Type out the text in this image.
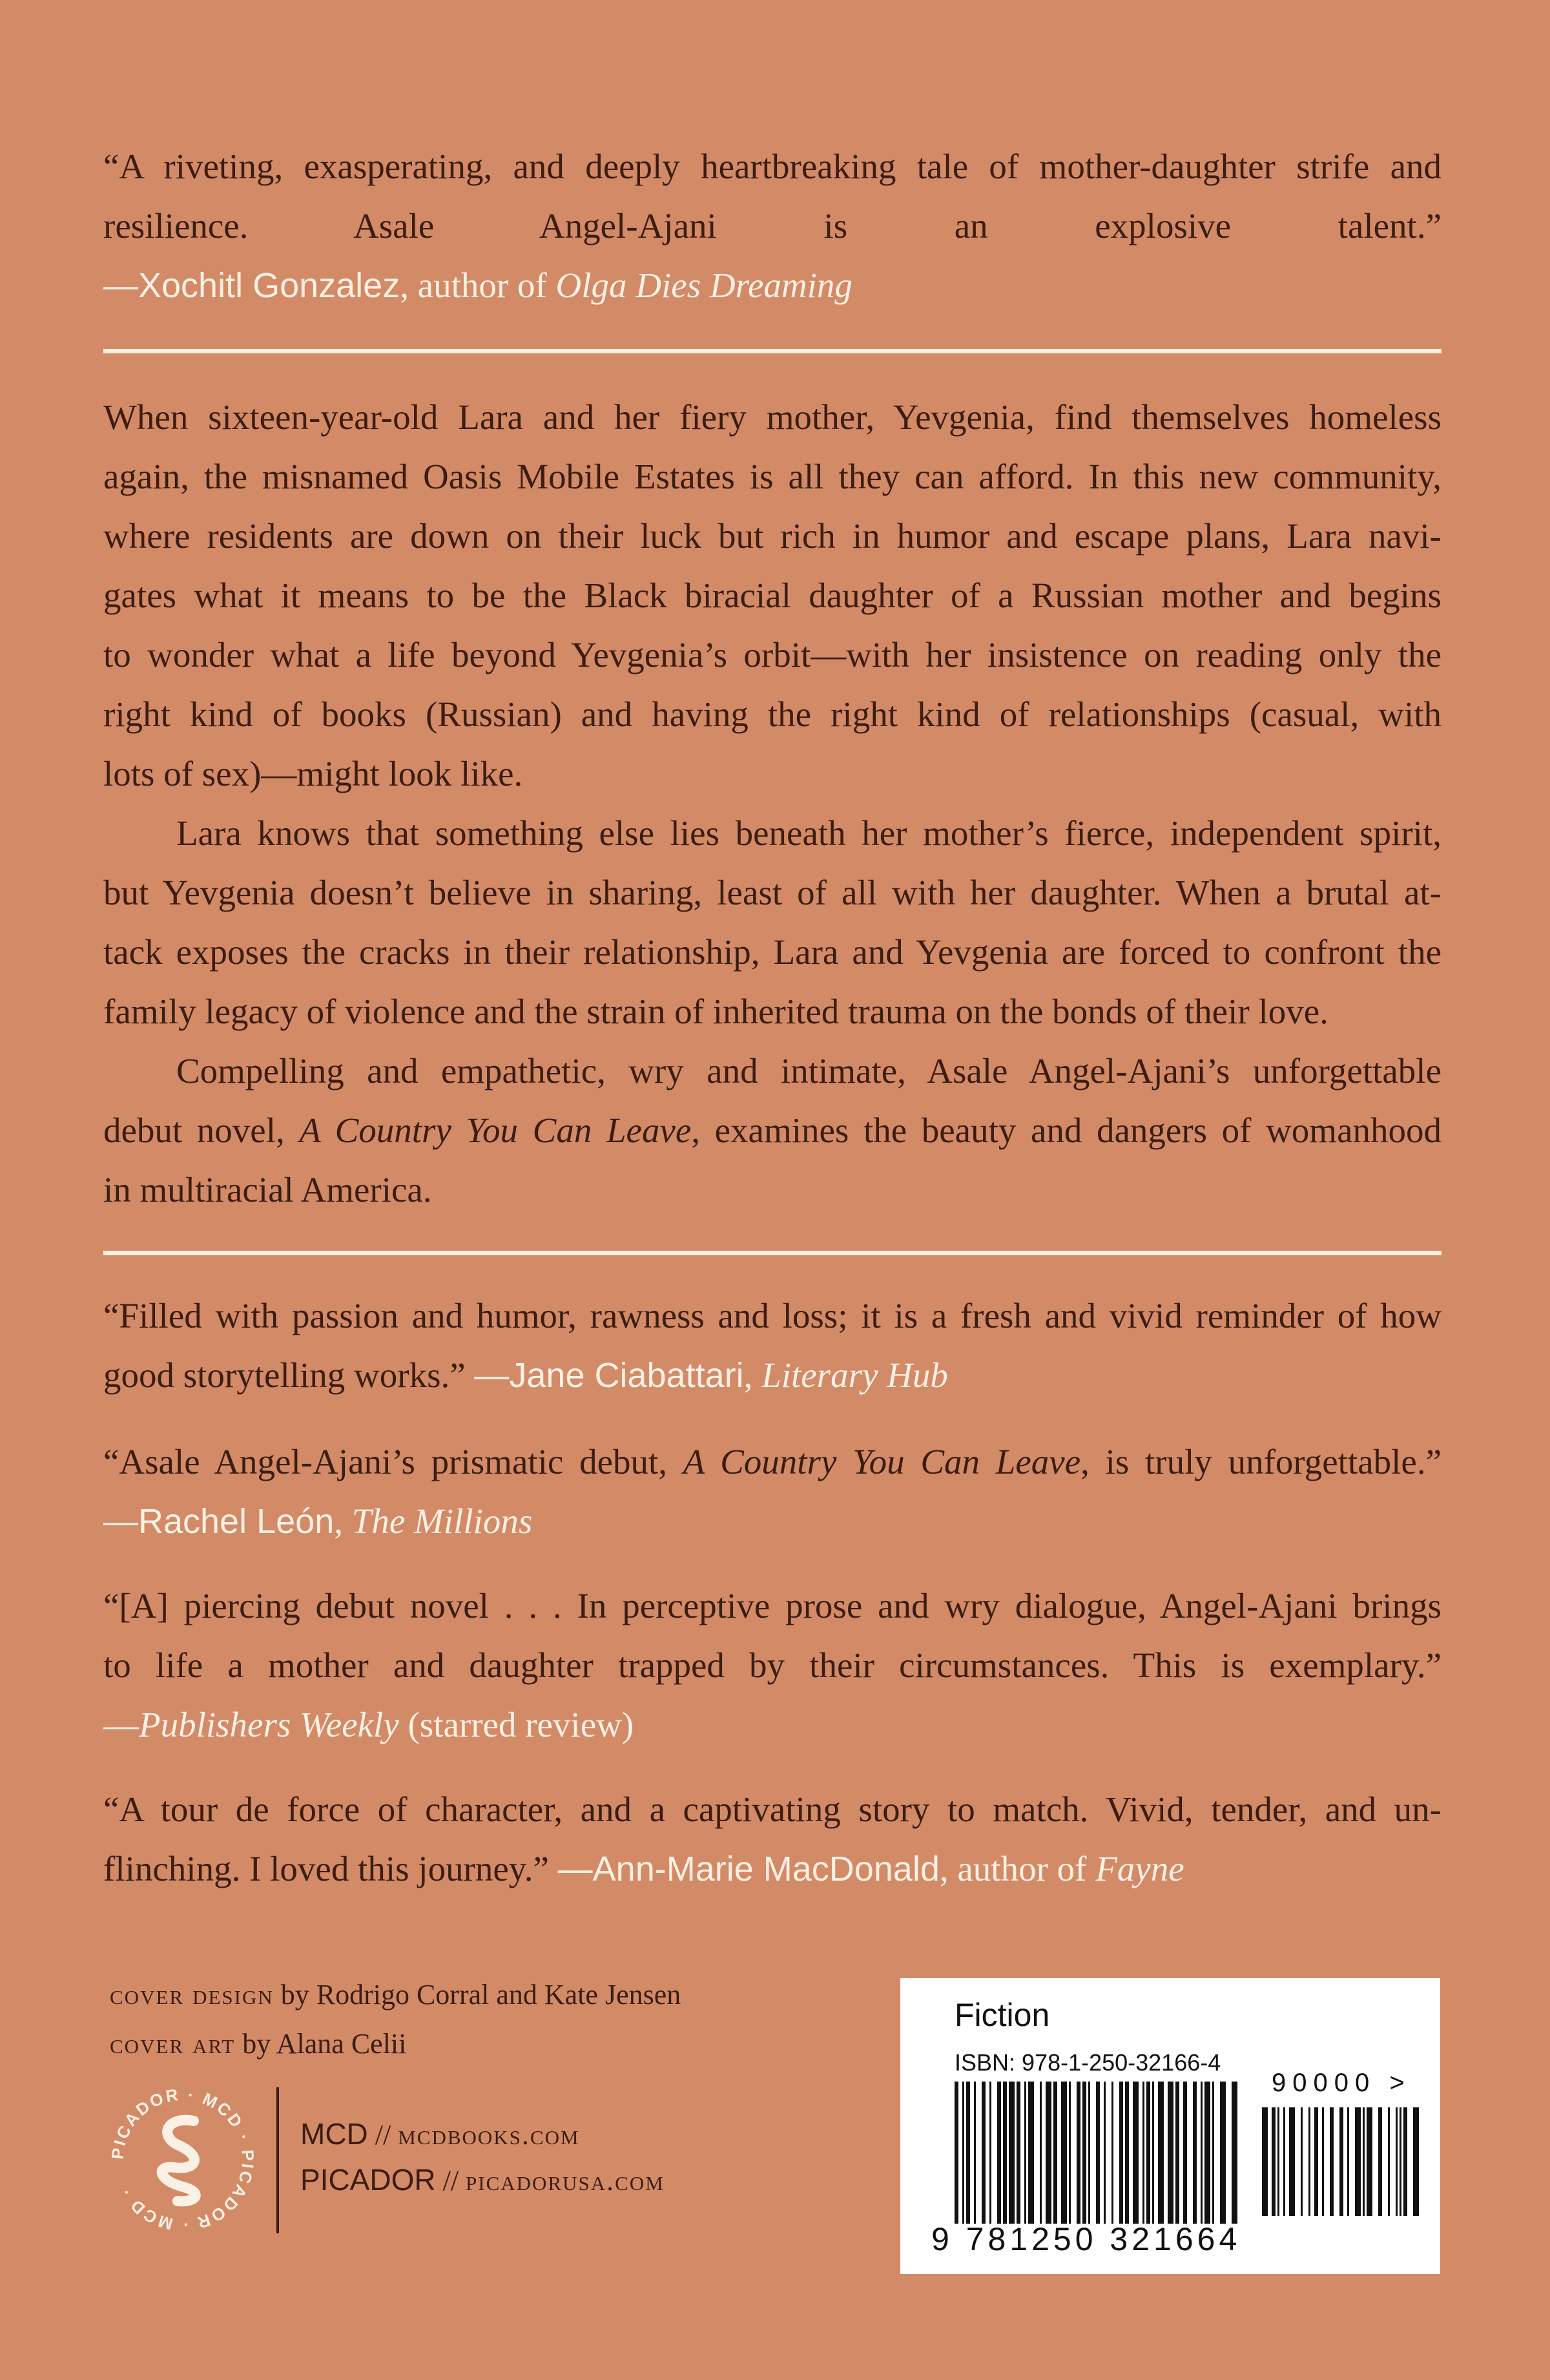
“A riveting, exasperating, and deeply heartbreaking tale of mother-daughter strife and
resilience. Asale Angel-Ajani is an explosive talent.”
—Xochitl Gonzalez, author of Olga Dies Dreaming
When sixteen-year-old Lara and her fiery mother, Yevgenia, find themselves homeless
again, the misnamed Oasis Mobile Estates is all they can afford. In this new community,
where residents are down on their luck but rich in humor and escape plans, Lara navi-
gates what it means to be the Black biracial daughter of a Russian mother and begins
to wonder what a life beyond Yevgenia’s orbit—with her insistence on reading only the
right kind of books (Russian) and having the right kind of relationships (casual, with
lots of sex)—might look like.
Lara knows that something else lies beneath her mother’s fierce, independent spirit,
but Yevgenia doesn’t believe in sharing, least of all with her daughter. When a brutal at-
tack exposes the cracks in their relationship, Lara and Yevgenia are forced to confront the
family legacy of violence and the strain of inherited trauma on the bonds of their love.
Compelling and empathetic, wry and intimate, Asale Angel-Ajani’s unforgettable
debut novel, A Country You Can Leave, examines the beauty and dangers of womanhood
in multiracial America.
“Filled with passion and humor, rawness and loss; it is a fresh and vivid reminder of how
good storytelling works.” —Jane Ciabattari, Literary Hub
“Asale Angel-Ajani’s prismatic debut, A Country You Can Leave, is truly unforgettable.”
—Rachel León, The Millions
“[A] piercing debut novel . . . In perceptive prose and wry dialogue, Angel-Ajani brings
to life a mother and daughter trapped by their circumstances. This is exemplary.”
—Publishers Weekly (starred review)
“A tour de force of character, and a captivating story to match. Vivid, tender, and un-
flinching. I loved this journey.” —Ann-Marie MacDonald, author of Fayne
cover design by Rodrigo Corral and Kate Jensen
cover art by Alana Celii
PICADOR · MCD · PICADOR · MCD ·
MCD // mcdbooks.com
PICADOR // picadorusa.com
Fiction
ISBN: 978-1-250-32166-4
90000 >
9 781250 321664
